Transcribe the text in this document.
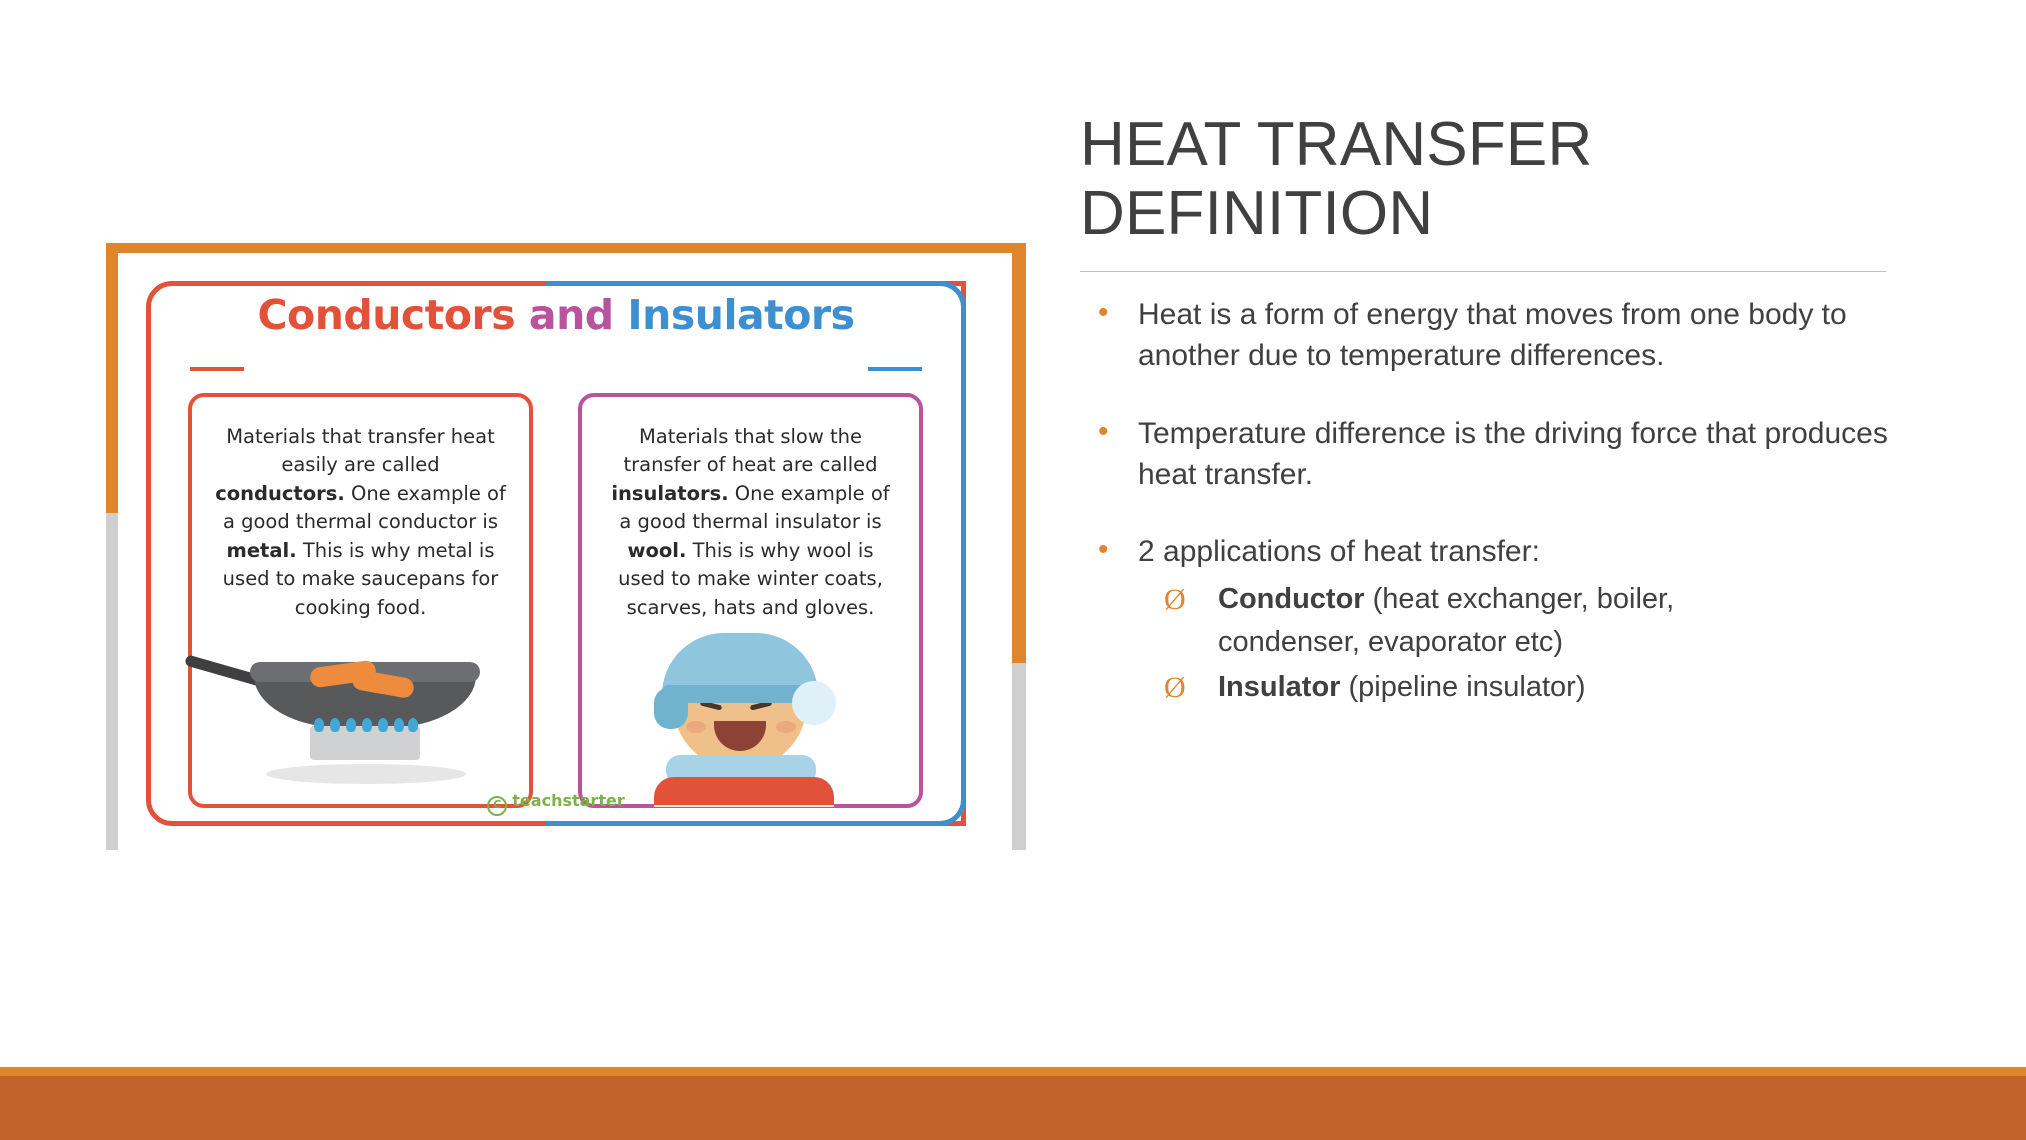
Conductors and Insulators

Materials that transfer heat easily are called conductors. One example of a good thermal conductor is metal. This is why metal is used to make saucepans for cooking food.

Materials that slow the transfer of heat are called insulators. One example of a good thermal insulator is wool. This is why wool is used to make winter coats, scarves, hats and gloves.

C teachstarter
HEAT TRANSFER DEFINITION
• Heat is a form of energy that moves from one body to another due to temperature differences.
• Temperature difference is the driving force that produces heat transfer.
• 2 applications of heat transfer:
Ø Conductor (heat exchanger, boiler,
condenser, evaporator etc)
Ø Insulator (pipeline insulator)
